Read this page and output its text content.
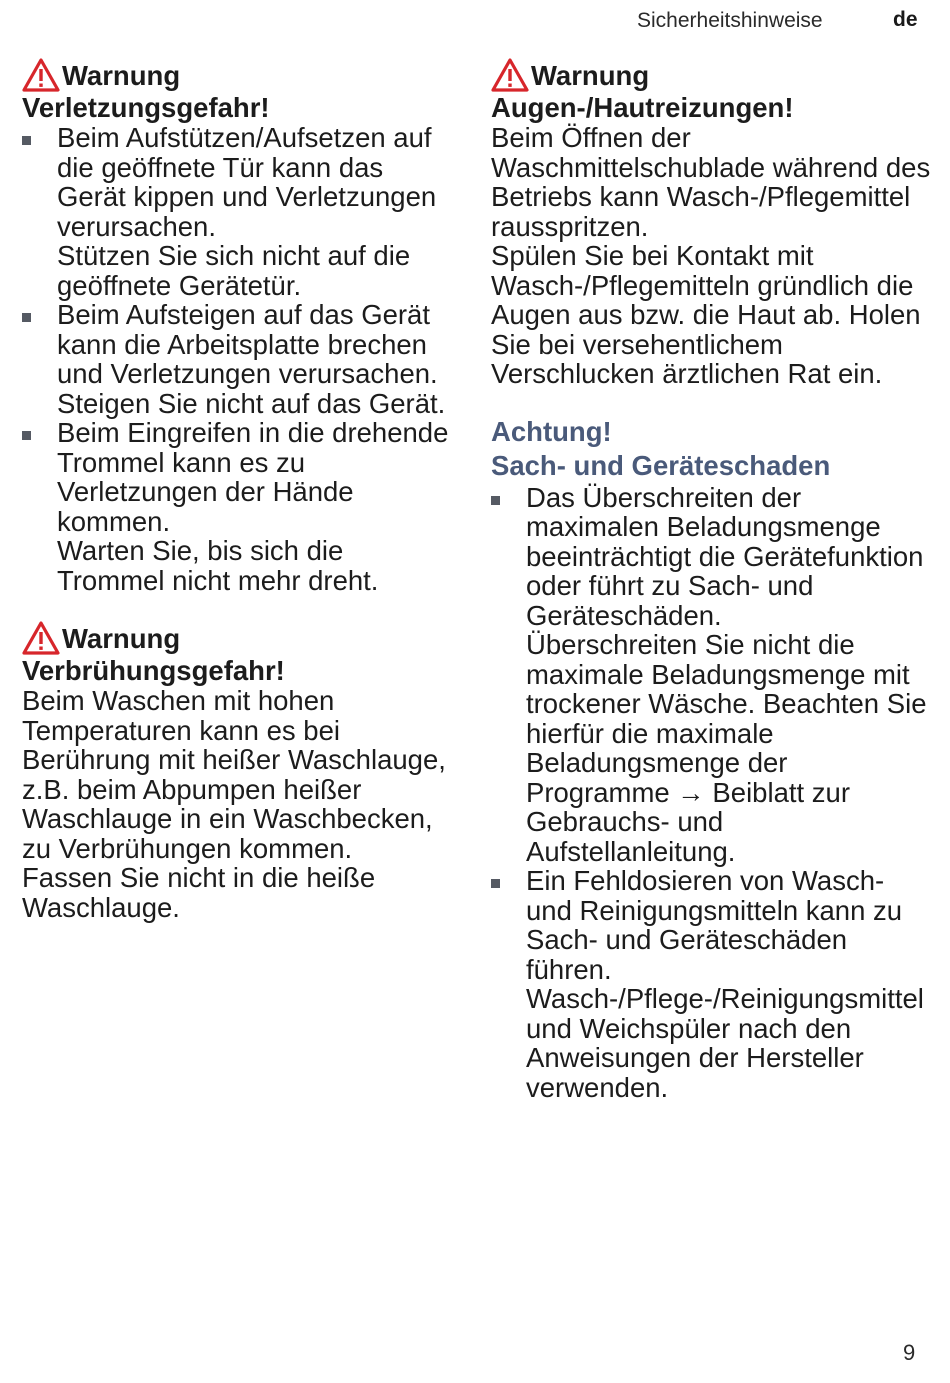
Sicherheitshinweise	de
Warnung
Verletzungsgefahr!
Beim Aufstützen/Aufsetzen auf die geöffnete Tür kann das Gerät kippen und Verletzungen verursachen.
Stützen Sie sich nicht auf die geöffnete Gerätetür.
Beim Aufsteigen auf das Gerät kann die Arbeitsplatte brechen und Verletzungen verursachen.
Steigen Sie nicht auf das Gerät.
Beim Eingreifen in die drehende Trommel kann es zu Verletzungen der Hände kommen.
Warten Sie, bis sich die Trommel nicht mehr dreht.
Warnung
Verbrühungsgefahr!
Beim Waschen mit hohen Temperaturen kann es bei Berührung mit heißer Waschlauge, z.B. beim Abpumpen heißer Waschlauge in ein Waschbecken, zu Verbrühungen kommen.
Fassen Sie nicht in die heiße Waschlauge.
Warnung
Augen-/Hautreizungen!
Beim Öffnen der Waschmittelschublade während des Betriebs kann Wasch-/Pflegemittel rausspritzen.
Spülen Sie bei Kontakt mit Wasch-/Pflegemitteln gründlich die Augen aus bzw. die Haut ab. Holen Sie bei versehentlichem Verschlucken ärztlichen Rat ein.
Achtung!
Sach- und Geräteschaden
Das Überschreiten der maximalen Beladungsmenge beeinträchtigt die Gerätefunktion oder führt zu Sach- und Geräteschäden.
Überschreiten Sie nicht die maximale Beladungsmenge mit trockener Wäsche. Beachten Sie hierfür die maximale Beladungsmenge der Programme → Beiblatt zur Gebrauchs- und Aufstellanleitung.
Ein Fehldosieren von Wasch- und Reinigungsmitteln kann zu Sach- und Geräteschäden führen.
Wasch-/Pflege-/Reinigungsmittel und Weichspüler nach den Anweisungen der Hersteller verwenden.
9
